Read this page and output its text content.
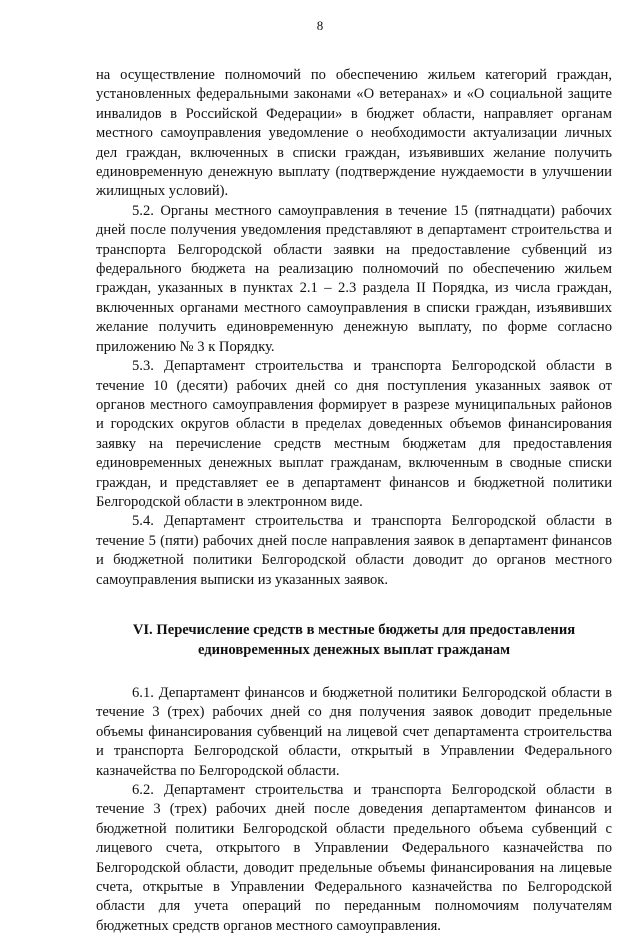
8

на осуществление полномочий по обеспечению жильем категорий граждан, установленных федеральными законами «О ветеранах» и «О социальной защите инвалидов в Российской Федерации» в бюджет области, направляет органам местного самоуправления уведомление о необходимости актуализации личных дел граждан, включенных в списки граждан, изъявивших желание получить единовременную денежную выплату (подтверждение нуждаемости в улучшении жилищных условий).

5.2. Органы местного самоуправления в течение 15 (пятнадцати) рабочих дней после получения уведомления представляют в департамент строительства и транспорта Белгородской области заявки на предоставление субвенций из федерального бюджета на реализацию полномочий по обеспечению жильем граждан, указанных в пунктах 2.1 – 2.3 раздела II Порядка, из числа граждан, включенных органами местного самоуправления в списки граждан, изъявивших желание получить единовременную денежную выплату, по форме согласно приложению № 3 к Порядку.

5.3. Департамент строительства и транспорта Белгородской области в течение 10 (десяти) рабочих дней со дня поступления указанных заявок от органов местного самоуправления формирует в разрезе муниципальных районов и городских округов области в пределах доведенных объемов финансирования заявку на перечисление средств местным бюджетам для предоставления единовременных денежных выплат гражданам, включенным в сводные списки граждан, и представляет ее в департамент финансов и бюджетной политики Белгородской области в электронном виде.

5.4. Департамент строительства и транспорта Белгородской области в течение 5 (пяти) рабочих дней после направления заявок в департамент финансов и бюджетной политики Белгородской области доводит до органов местного самоуправления выписки из указанных заявок.

VI. Перечисление средств в местные бюджеты для предоставления
единовременных денежных выплат гражданам

6.1. Департамент финансов и бюджетной политики Белгородской области в течение 3 (трех) рабочих дней со дня получения заявок доводит предельные объемы финансирования субвенций на лицевой счет департамента строительства и транспорта Белгородской области, открытый в Управлении Федерального казначейства по Белгородской области.

6.2. Департамент строительства и транспорта Белгородской области в течение 3 (трех) рабочих дней после доведения департаментом финансов и бюджетной политики Белгородской области предельного объема субвенций с лицевого счета, открытого в Управлении Федерального казначейства по Белгородской области, доводит предельные объемы финансирования на лицевые счета, открытые в Управлении Федерального казначейства по Белгородской области для учета операций по переданным полномочиям получателям бюджетных средств органов местного самоуправления.
